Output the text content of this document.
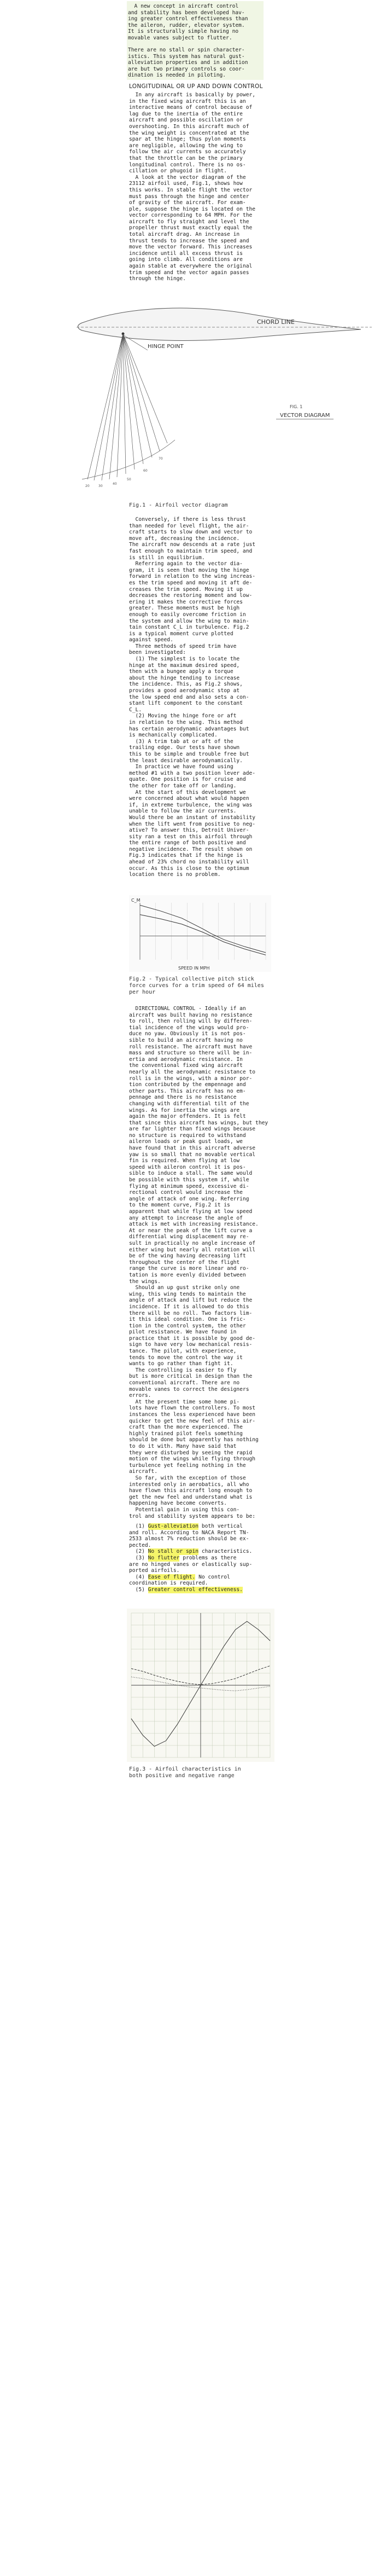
A new concept in aircraft control
and stability has been developed hav-
ing greater control effectiveness than
the aileron, rudder, elevator system.
It is structurally simple having no
movable vanes subject to flutter.
There are no stall or spin character-
istics. This system has natural gust-
alleviation properties and in addition
are but two primary controls so coor-
dination is needed in piloting.
LONGITUDINAL OR UP AND DOWN CONTROL
In any aircraft is basically by power,
in the fixed wing aircraft this is an
interactive means of control because of
lag due to the inertia of the entire
aircraft and possible oscillation or
overshooting. In this aircraft much of
the wing weight is concentrated at the
spar at the hinge; thus pylon moments
are negligible, allowing the wing to
follow the air currents so accurately
that the throttle can be the primary
longitudinal control. There is no os-
cillation or phugoid in flight.
A look at the vector diagram of the
23112 airfoil used, Fig.1, shows how
this works. In stable flight the vector
must pass through the hinge and center
of gravity of the aircraft. For exam-
ple, suppose the hinge is located on the
vector corresponding to 64 MPH. For the
aircraft to fly straight and level the
propeller thrust must exactly equal the
total aircraft drag. An increase in
thrust tends to increase the speed and
move the vector forward. This increases
incidence until all excess thrust is
going into climb. All conditions are
again stable at everywhere the original
trim speed and the vector again passes
through the hinge.
CHORD LINE
HINGE POINT
20	30
40
50
60
70
FIG. 1
VECTOR DIAGRAM
Fig.1 - Airfoil vector diagram
Conversely, if there is less thrust
than needed for level flight, the air-
craft starts to slow down and vector to
move aft, decreasing the incidence.
The aircraft now descends at a rate just
fast enough to maintain trim speed, and
is still in equilibrium.
Referring again to the vector dia-
gram, it is seen that moving the hinge
forward in relation to the wing increas-
es the trim speed and moving it aft de-
creases the trim speed. Moving it up
decreases the restoring moment and low-
ering it makes the corrective forces
greater. These moments must be high
enough to easily overcome friction in
the system and allow the wing to main-
tain constant C_L in turbulence. Fig.2
is a typical moment curve plotted
against speed.
Three methods of speed trim have
been investigated:
(1) The simplest is to locate the
hinge at the maximum desired speed,
then with a bungee apply a torque
about the hinge tending to increase
the incidence. This, as Fig.2 shows,
provides a good aerodynamic stop at
the low speed end and also sets a con-
stant lift component to the constant
C_L.
(2) Moving the hinge fore or aft
in relation to the wing. This method
has certain aerodynamic advantages but
is mechanically complicated.
(3) A trim tab at or aft of the
trailing edge. Our tests have shown
this to be simple and trouble free but
the least desirable aerodynamically.
In practice we have found using
method #1 with a two position lever ade-
quate. One position is for cruise and
the other for take off or landing.
At the start of this development we
were concerned about what would happen
if, in extreme turbulence, the wing was
unable to follow the air currents.
Would there be an instant of instability
when the lift went from positive to neg-
ative? To answer this, Detroit Univer-
sity ran a test on this airfoil through
the entire range of both positive and
negative incidence. The result shown on
Fig.3 indicates that if the hinge is
ahead of 23% chord no instability will
occur. As this is close to the optimum
location there is no problem.
C_M
SPEED IN MPH
Fig.2 - Typical collective pitch stick
force curves for a trim speed of 64 miles
per hour
DIRECTIONAL CONTROL - Ideally if an
aircraft was built having no resistance
to roll, then rolling will by differen-
tial incidence of the wings would pro-
duce no yaw. Obviously it is not pos-
sible to build an aircraft having no
roll resistance. The aircraft must have
mass and structure so there will be in-
ertia and aerodynamic resistance. In
the conventional fixed wing aircraft
nearly all the aerodynamic resistance to
roll is in the wings, with a minor por-
tion contributed by the empennage and
other parts. This aircraft has no em-
pennage and there is no resistance
changing with differential tilt of the
wings. As for inertia the wings are
again the major offenders. It is felt
that since this aircraft has wings, but they
are far lighter than fixed wings because
no structure is required to withstand
aileron loads or peak gust loads, we
have found that in this aircraft adverse
yaw is so small that no movable vertical
fin is required. When flying at low
speed with aileron control it is pos-
sible to induce a stall. The same would
be possible with this system if, while
flying at minimum speed, excessive di-
rectional control would increase the
angle of attack of one wing. Referring
to the moment curve, Fig.2 it is
apparent that while flying at low speed
any attempt to increase the angle of
attack is met with increasing resistance.
At or near the peak of the lift curve a
differential wing displacement may re-
sult in practically no angle increase of
either wing but nearly all rotation will
be of the wing having decreasing lift
throughout the center of the flight
range the curve is more linear and ro-
tation is more evenly divided between
the wings.
Should an up gust strike only one
wing, this wing tends to maintain the
angle of attack and lift but reduce the
incidence. If it is allowed to do this
there will be no roll. Two factors lim-
it this ideal condition. One is fric-
tion in the control system, the other
pilot resistance. We have found in
practice that it is possible by good de-
sign to have very low mechanical resis-
tance. The pilot, with experience,
tends to move the control the way it
wants to go rather than fight it.
The controlling is easier to fly
but is more critical in design than the
conventional aircraft. There are no
movable vanes to correct the designers
errors.
At the present time some home pi-
lots have flown the controllers. To most
instances the less experienced have been
quicker to get the new feel of this air-
craft than the more experienced. The
highly trained pilot feels something
should be done but apparently has nothing
to do it with. Many have said that
they were disturbed by seeing the rapid
motion of the wings while flying through
turbulence yet feeling nothing in the
aircraft.
So far, with the exception of those
interested only in aerobatics, all who
have flown this aircraft long enough to
get the new feel and understand what is
happening have become converts.
Potential gain in using this con-
trol and stability system appears to be:
(1) Gust-alleviation both vertical
and roll. According to NACA Report TN-
2533 almost 7% reduction should be ex-
pected.
(2) No stall or spin characteristics.
(3) No flutter problems as there
are no hinged vanes or elastically sup-
ported airfoils.
(4) Ease of flight. No control
coordination is required.
(5) Greater control effectiveness.
Fig.3 - Airfoil characteristics in
both positive and negative range
